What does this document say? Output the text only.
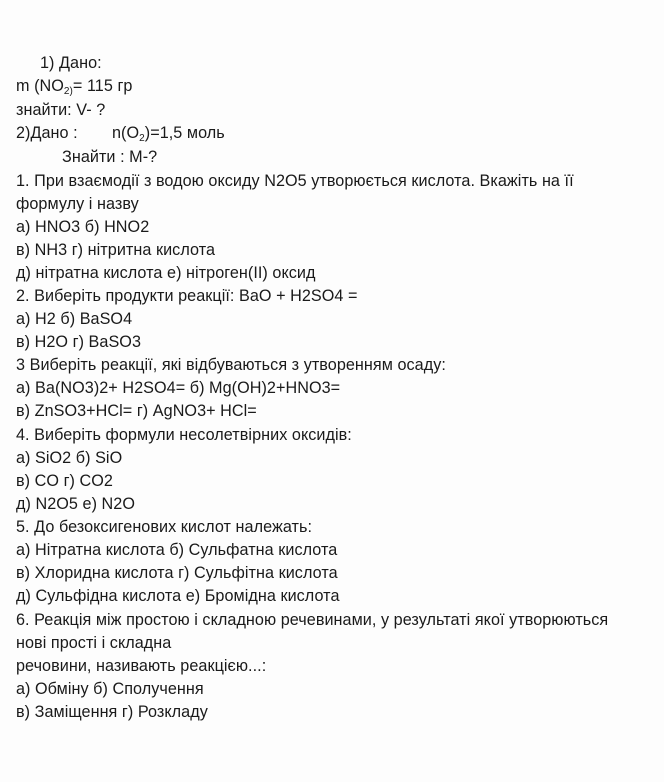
1) Дано:
m ($NO_{2)}= 115$ гр
знайти: V- ?
2)Дано : $n(O_2)=1,5$ моль
Знайти : М-?
1. При взаємодії з водою оксиду N2O5 утворюється кислота. Вкажіть на її
формулу і назву
а) HNO3 б) HNO2
в) NH3 г) нітритна кислота
д) нітратна кислота е) нітроген(ІІ) оксид
2. Виберіть продукти реакції: BaO + H2SO4 =
а) Н2 б) BaSO4
в) Н2О г) BaSO3
3 Виберіть реакції, які відбуваються з утворенням осаду:
а) Ba(NO3)2+ H2SO4= б) Mg(OH)2+HNO3=
в) ZnSO3+HCl= г) AgNO3+ HCl=
4. Виберіть формули несолетвірних оксидів:
а) SiO2 б) SiO
в) CO г) CO2
д) N2O5 е) N2O
5. До безоксигенових кислот належать:
а) Нітратна кислота б) Сульфатна кислота
в) Хлоридна кислота г) Сульфітна кислота
д) Сульфідна кислота е) Бромідна кислота
6. Реакція між простою і складною речевинами, у результаті якої утворюються
нові прості і складна
речовини, називають реакцією...:
а) Обміну б) Сполучення
в) Заміщення г) Розкладу
